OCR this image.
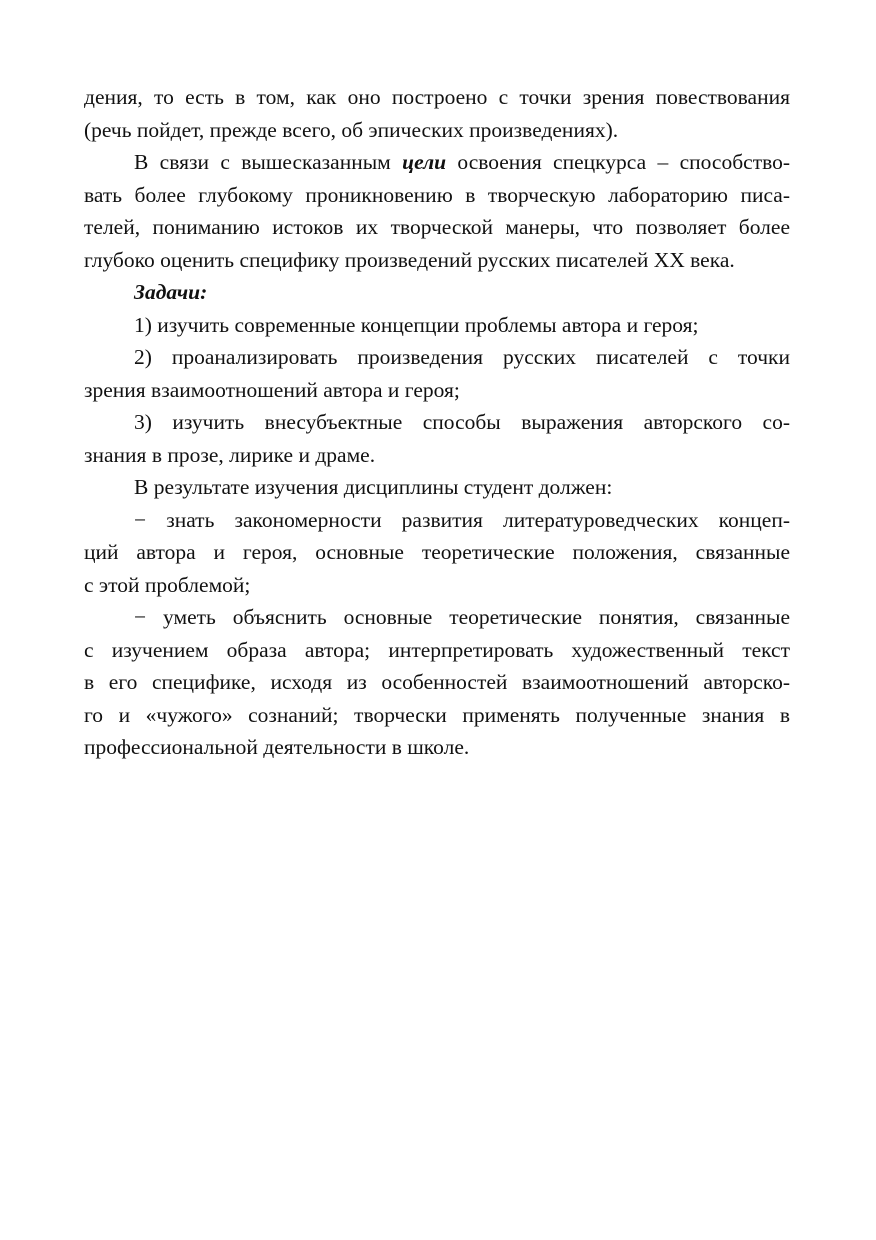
дения, то есть в том, как оно построено с точки зрения повествования
(речь пойдет, прежде всего, об эпических произведениях).
В связи с вышесказанным цели освоения спецкурса – способство-
вать более глубокому проникновению в творческую лабораторию писа-
телей, пониманию истоков их творческой манеры, что позволяет более
глубоко оценить специфику произведений русских писателей XX века.
Задачи:
1) изучить современные концепции проблемы автора и героя;
2) проанализировать произведения русских писателей с точки
зрения взаимоотношений автора и героя;
3) изучить внесубъектные способы выражения авторского со-
знания в прозе, лирике и драме.
В результате изучения дисциплины студент должен:
− знать закономерности развития литературоведческих концеп-
ций автора и героя, основные теоретические положения, связанные
с этой проблемой;
− уметь объяснить основные теоретические понятия, связанные
с изучением образа автора; интерпретировать художественный текст
в его специфике, исходя из особенностей взаимоотношений авторско-
го и «чужого» сознаний; творчески применять полученные знания в
профессиональной деятельности в школе.
